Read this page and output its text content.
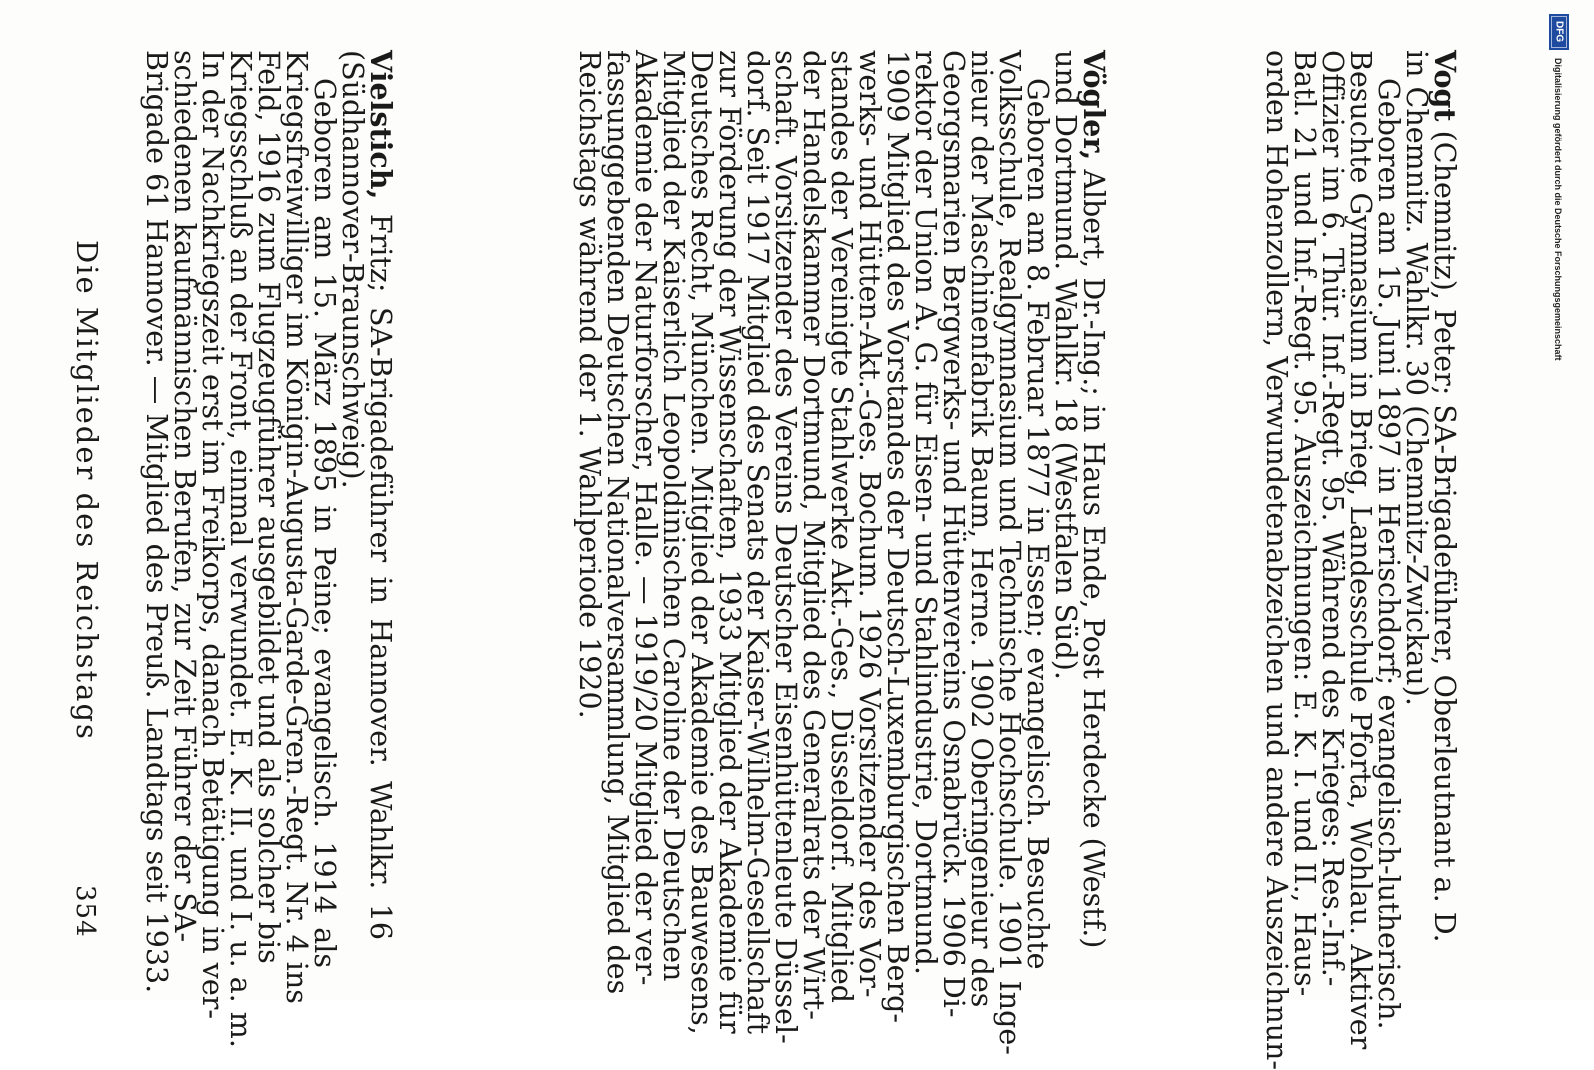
354
Die Mitglieder des Reichstags
Vielstich, Fritz; SA-Brigadeführer in Hannover. Wahlkr. 16
(Südhannover-Braunschweig).
Geboren am 15. März 1895 in Peine; evangelisch. 1914 als
Kriegsfreiwilliger im Königin-Augusta-Garde-Gren.-Regt. Nr. 4 ins
Feld, 1916 zum Flugzeugführer ausgebildet und als solcher bis
Kriegsschluß an der Front, einmal verwundet. E. K. II. und I. u. a. m.
In der Nachkriegszeit erst im Freikorps, danach Betätigung in ver-
schiedenen kaufmännischen Berufen, zur Zeit Führer der SA-
Brigade 61 Hannover. — Mitglied des Preuß. Landtags seit 1933.	Vögler, Albert, Dr.-Ing.; in Haus Ende, Post Herdecke (Westf.)
und Dortmund. Wahlkr. 18 (Westfalen Süd).
Geboren am 8. Februar 1877 in Essen; evangelisch. Besuchte
Volksschule, Realgymnasium und Technische Hochschule. 1901 Inge-
nieur der Maschinenfabrik Baum, Herne. 1902 Oberingenieur des
Georgsmarien Bergwerks- und Hüttenvereins Osnabrück. 1906 Di-
rektor der Union A. G. für Eisen- und Stahlindustrie, Dortmund.
1909 Mitglied des Vorstandes der Deutsch-Luxemburgischen Berg-
werks- und Hütten-Akt.-Ges. Bochum. 1926 Vorsitzender des Vor-
standes der Vereinigte Stahlwerke Akt.-Ges., Düsseldorf. Mitglied
der Handelskammer Dortmund, Mitglied des Generalrats der Wirt-
schaft. Vorsitzender des Vereins Deutscher Eisenhüttenleute Düssel-
dorf. Seit 1917 Mitglied des Senats der Kaiser-Wilhelm-Gesellschaft
zur Förderung der Wissenschaften, 1933 Mitglied der Akademie für
Deutsches Recht, München. Mitglied der Akademie des Bauwesens,
Mitglied der Kaiserlich Leopoldinischen Caroline der Deutschen
Akademie der Naturforscher, Halle. — 1919/20 Mitglied der ver-
fassunggebenden Deutschen Nationalversammlung, Mitglied des
Reichstags während der 1. Wahlperiode 1920.	Vogt (Chemnitz), Peter; SA-Brigadeführer, Oberleutnant a. D.
in Chemnitz. Wahlkr. 30 (Chemnitz-Zwickau).
Geboren am 15. Juni 1897 in Herischdorf; evangelisch-lutherisch.
Besuchte Gymnasium in Brieg, Landesschule Pforta, Wohlau. Aktiver
Offizier im 6. Thür. Inf.-Regt. 95. Während des Krieges: Res.-Inf.-
Batl. 21 und Inf.-Regt. 95. Auszeichnungen: E. K. I. und II., Haus-
orden Hohenzollern, Verwundetenabzeichen und andere Auszeichnun-
DFG
Digitalisierung gefördert durch die Deutsche Forschungsgemeinschaft
